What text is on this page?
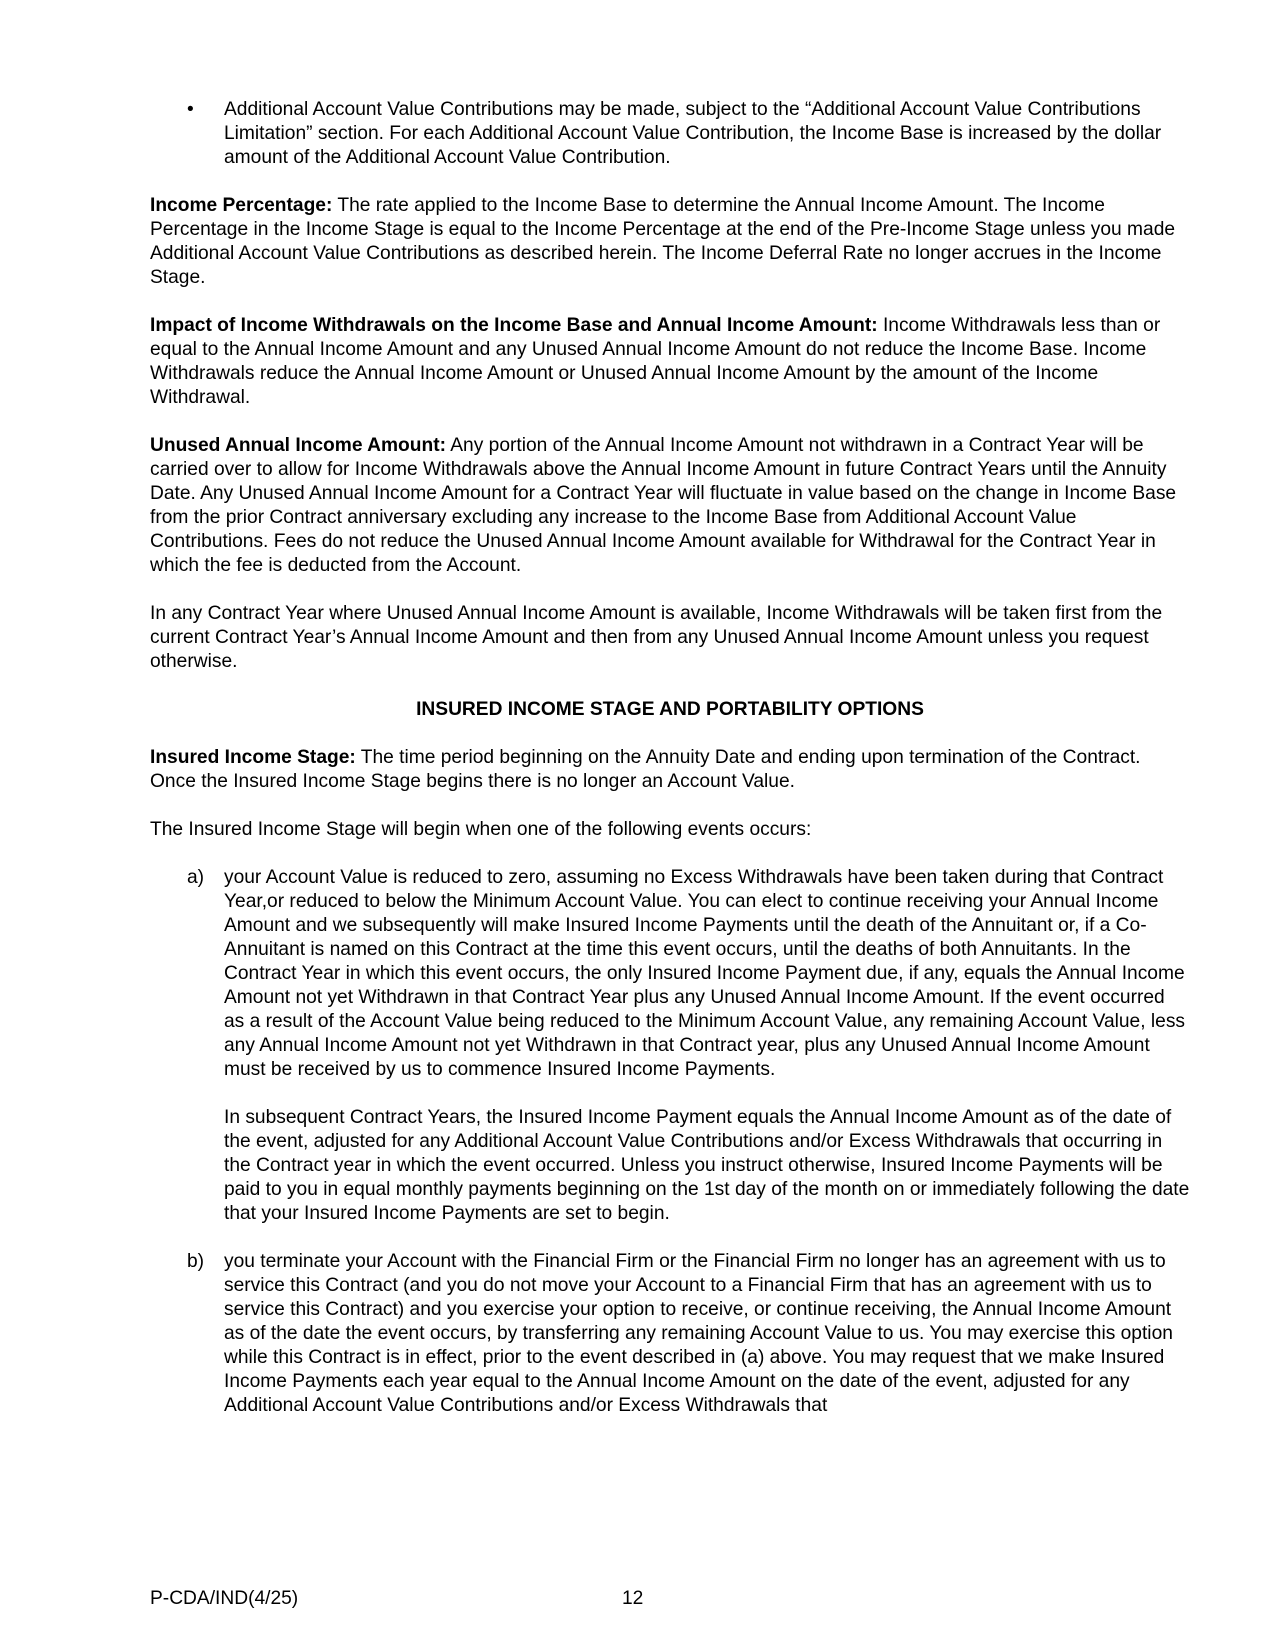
• Additional Account Value Contributions may be made, subject to the “Additional Account Value Contributions Limitation” section. For each Additional Account Value Contribution, the Income Base is increased by the dollar amount of the Additional Account Value Contribution.

Income Percentage: The rate applied to the Income Base to determine the Annual Income Amount. The Income Percentage in the Income Stage is equal to the Income Percentage at the end of the Pre-Income Stage unless you made Additional Account Value Contributions as described herein. The Income Deferral Rate no longer accrues in the Income Stage.

Impact of Income Withdrawals on the Income Base and Annual Income Amount: Income Withdrawals less than or equal to the Annual Income Amount and any Unused Annual Income Amount do not reduce the Income Base. Income Withdrawals reduce the Annual Income Amount or Unused Annual Income Amount by the amount of the Income Withdrawal.

Unused Annual Income Amount: Any portion of the Annual Income Amount not withdrawn in a Contract Year will be carried over to allow for Income Withdrawals above the Annual Income Amount in future Contract Years until the Annuity Date. Any Unused Annual Income Amount for a Contract Year will fluctuate in value based on the change in Income Base from the prior Contract anniversary excluding any increase to the Income Base from Additional Account Value Contributions. Fees do not reduce the Unused Annual Income Amount available for Withdrawal for the Contract Year in which the fee is deducted from the Account.

In any Contract Year where Unused Annual Income Amount is available, Income Withdrawals will be taken first from the current Contract Year’s Annual Income Amount and then from any Unused Annual Income Amount unless you request otherwise.

INSURED INCOME STAGE AND PORTABILITY OPTIONS

Insured Income Stage: The time period beginning on the Annuity Date and ending upon termination of the Contract. Once the Insured Income Stage begins there is no longer an Account Value.

The Insured Income Stage will begin when one of the following events occurs:

a) your Account Value is reduced to zero, assuming no Excess Withdrawals have been taken during that Contract Year,or reduced to below the Minimum Account Value. You can elect to continue receiving your Annual Income Amount and we subsequently will make Insured Income Payments until the death of the Annuitant or, if a Co-Annuitant is named on this Contract at the time this event occurs, until the deaths of both Annuitants. In the Contract Year in which this event occurs, the only Insured Income Payment due, if any, equals the Annual Income Amount not yet Withdrawn in that Contract Year plus any Unused Annual Income Amount. If the event occurred as a result of the Account Value being reduced to the Minimum Account Value, any remaining Account Value, less any Annual Income Amount not yet Withdrawn in that Contract year, plus any Unused Annual Income Amount must be received by us to commence Insured Income Payments.

In subsequent Contract Years, the Insured Income Payment equals the Annual Income Amount as of the date of the event, adjusted for any Additional Account Value Contributions and/or Excess Withdrawals that occurring in the Contract year in which the event occurred. Unless you instruct otherwise, Insured Income Payments will be paid to you in equal monthly payments beginning on the 1st day of the month on or immediately following the date that your Insured Income Payments are set to begin.

b) you terminate your Account with the Financial Firm or the Financial Firm no longer has an agreement with us to service this Contract (and you do not move your Account to a Financial Firm that has an agreement with us to service this Contract) and you exercise your option to receive, or continue receiving, the Annual Income Amount as of the date the event occurs, by transferring any remaining Account Value to us. You may exercise this option while this Contract is in effect, prior to the event described in (a) above. You may request that we make Insured Income Payments each year equal to the Annual Income Amount on the date of the event, adjusted for any Additional Account Value Contributions and/or Excess Withdrawals that

P-CDA/IND(4/25)	12
